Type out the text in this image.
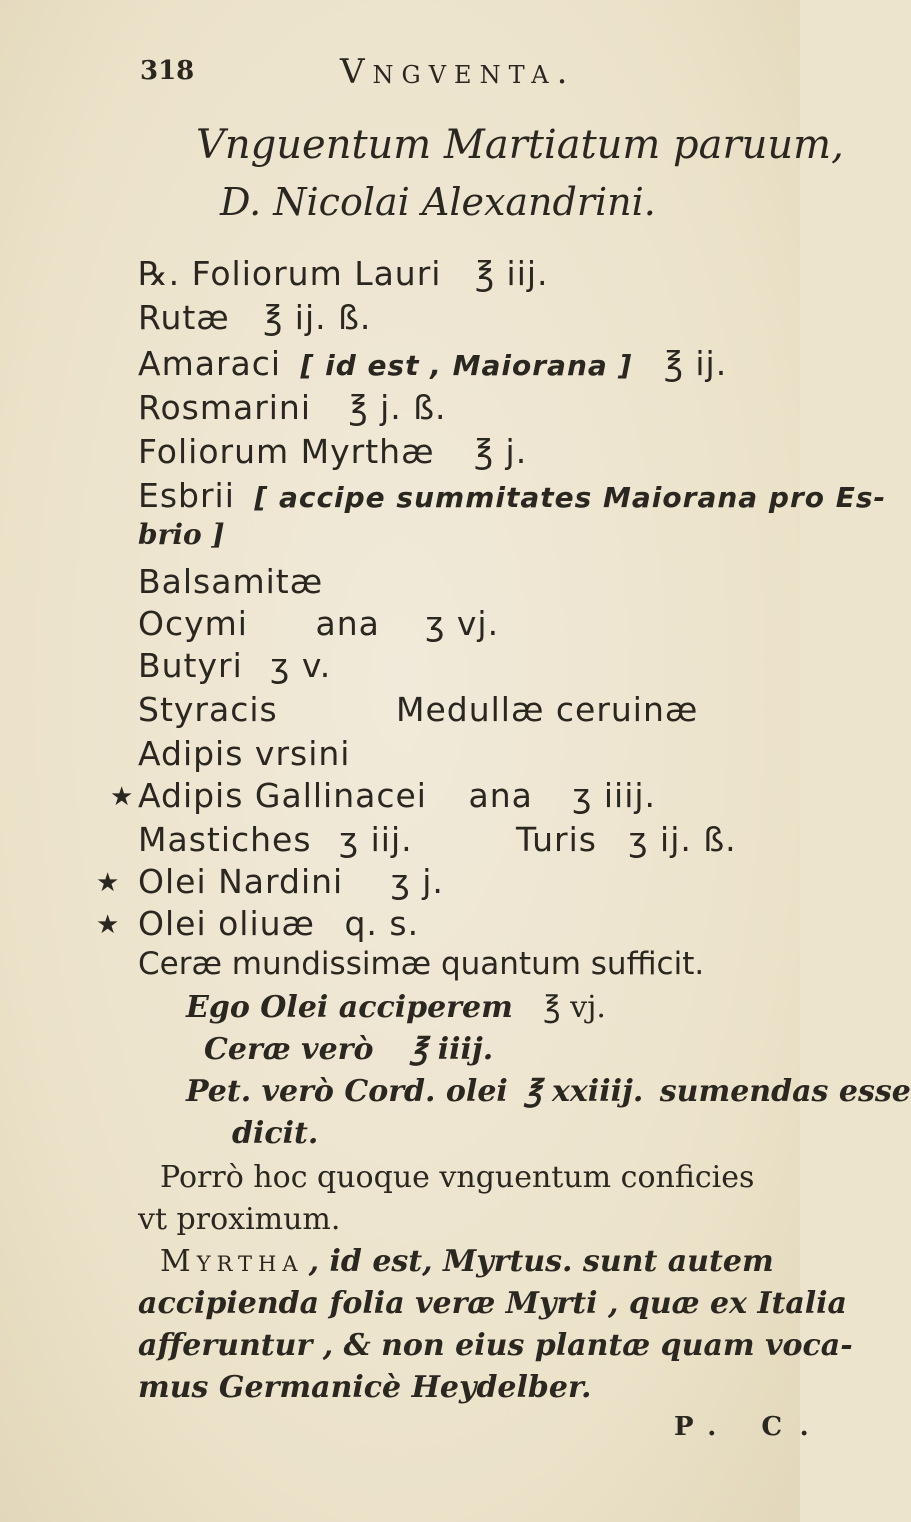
318	Vngventa.
Vnguentum Martiatum paruum,
D. Nicolai Alexandrini.
℞. Foliorum Lauri ℥ iij.
Rutæ ℥ ij. ß.
Amaraci [ id est , Maiorana ] ℥ ij.
Rosmarini ℥ j. ß.
Foliorum Myrthæ ℥ j.
Esbrii [ accipe summitates Maiorana pro Es-
brio ]
Balsamitæ
Ocymi ana ʒ vj.
Butyri ʒ v.
Styracis	Medullæ ceruinæ
Adipis vrsini
★ Adipis Gallinacei ana ʒ iiij.
Mastiches ʒ iij.	Turis ʒ ij. ß.
★ Olei Nardini ʒ j.
★ Olei oliuæ q. s.
Ceræ mundissimæ quantum sufficit.
Ego Olei acciperem ℥ vj.
Ceræ verò ℥ iiij.
Pet. verò Cord. olei ℥ xxiiij. sumendas esse
dicit.
Porrò hoc quoque vnguentum conficies
vt proximum.
Myrtha , id est, Myrtus. sunt autem
accipienda folia veræ Myrti , quæ ex Italia
afferuntur , & non eius plantæ quam voca-
mus Germanicè Heydelber.
P. C.
